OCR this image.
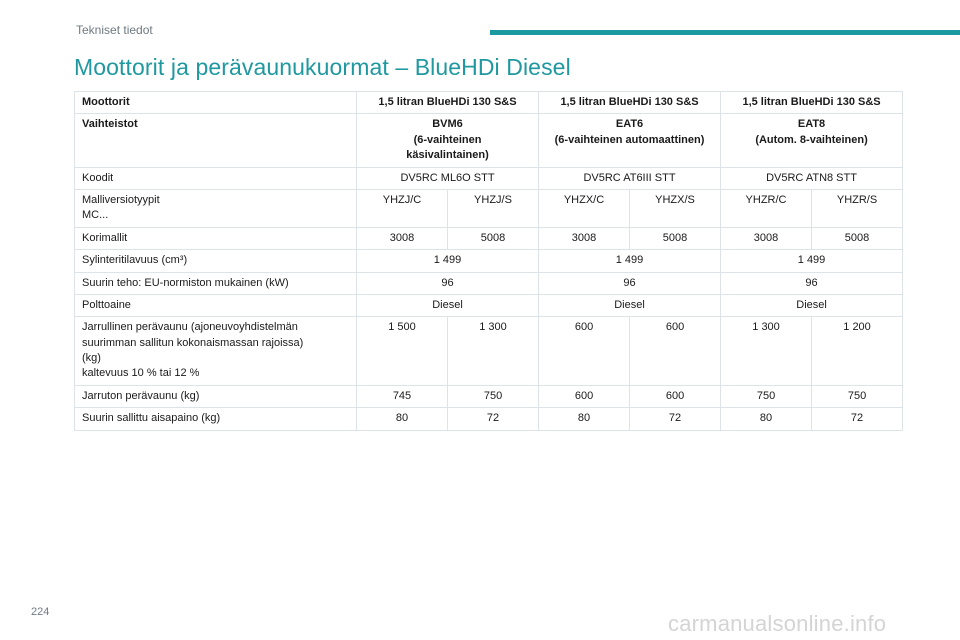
Tekniset tiedot
Moottorit ja perävaunukuormat – BlueHDi Diesel
Moottorit	1,5 litran BlueHDi 130 S&S		1,5 litran BlueHDi 130 S&S		1,5 litran BlueHDi 130 S&S	
Vaihteistot	BVM6
(6-vaihteinen
käsivalintainen)		EAT6
(6-vaihteinen automaattinen)		EAT8
(Autom. 8-vaihteinen)	
Koodit	DV5RC ML6O STT		DV5RC AT6III STT		DV5RC ATN8 STT	
Malliversiotyypit
MC...	YHZJ/C	YHZJ/S	YHZX/C	YHZX/S	YHZR/C	YHZR/S
Korimallit	3008	5008	3008	5008	3008	5008
Sylinteritilavuus (cm³)	1 499		1 499		1 499	
Suurin teho: EU-normiston mukainen (kW)	96		96		96	
Polttoaine	Diesel		Diesel		Diesel	
Jarrullinen perävaunu (ajoneuvoyhdistelmän
suurimman sallitun kokonaismassan rajoissa)
(kg)
kaltevuus 10 % tai 12 %	1 500	1 300	600	600	1 300	1 200
Jarruton perävaunu (kg)	745	750	600	600	750	750
Suurin sallittu aisapaino (kg)	80	72	80	72	80	72
224	carmanualsonline.info
